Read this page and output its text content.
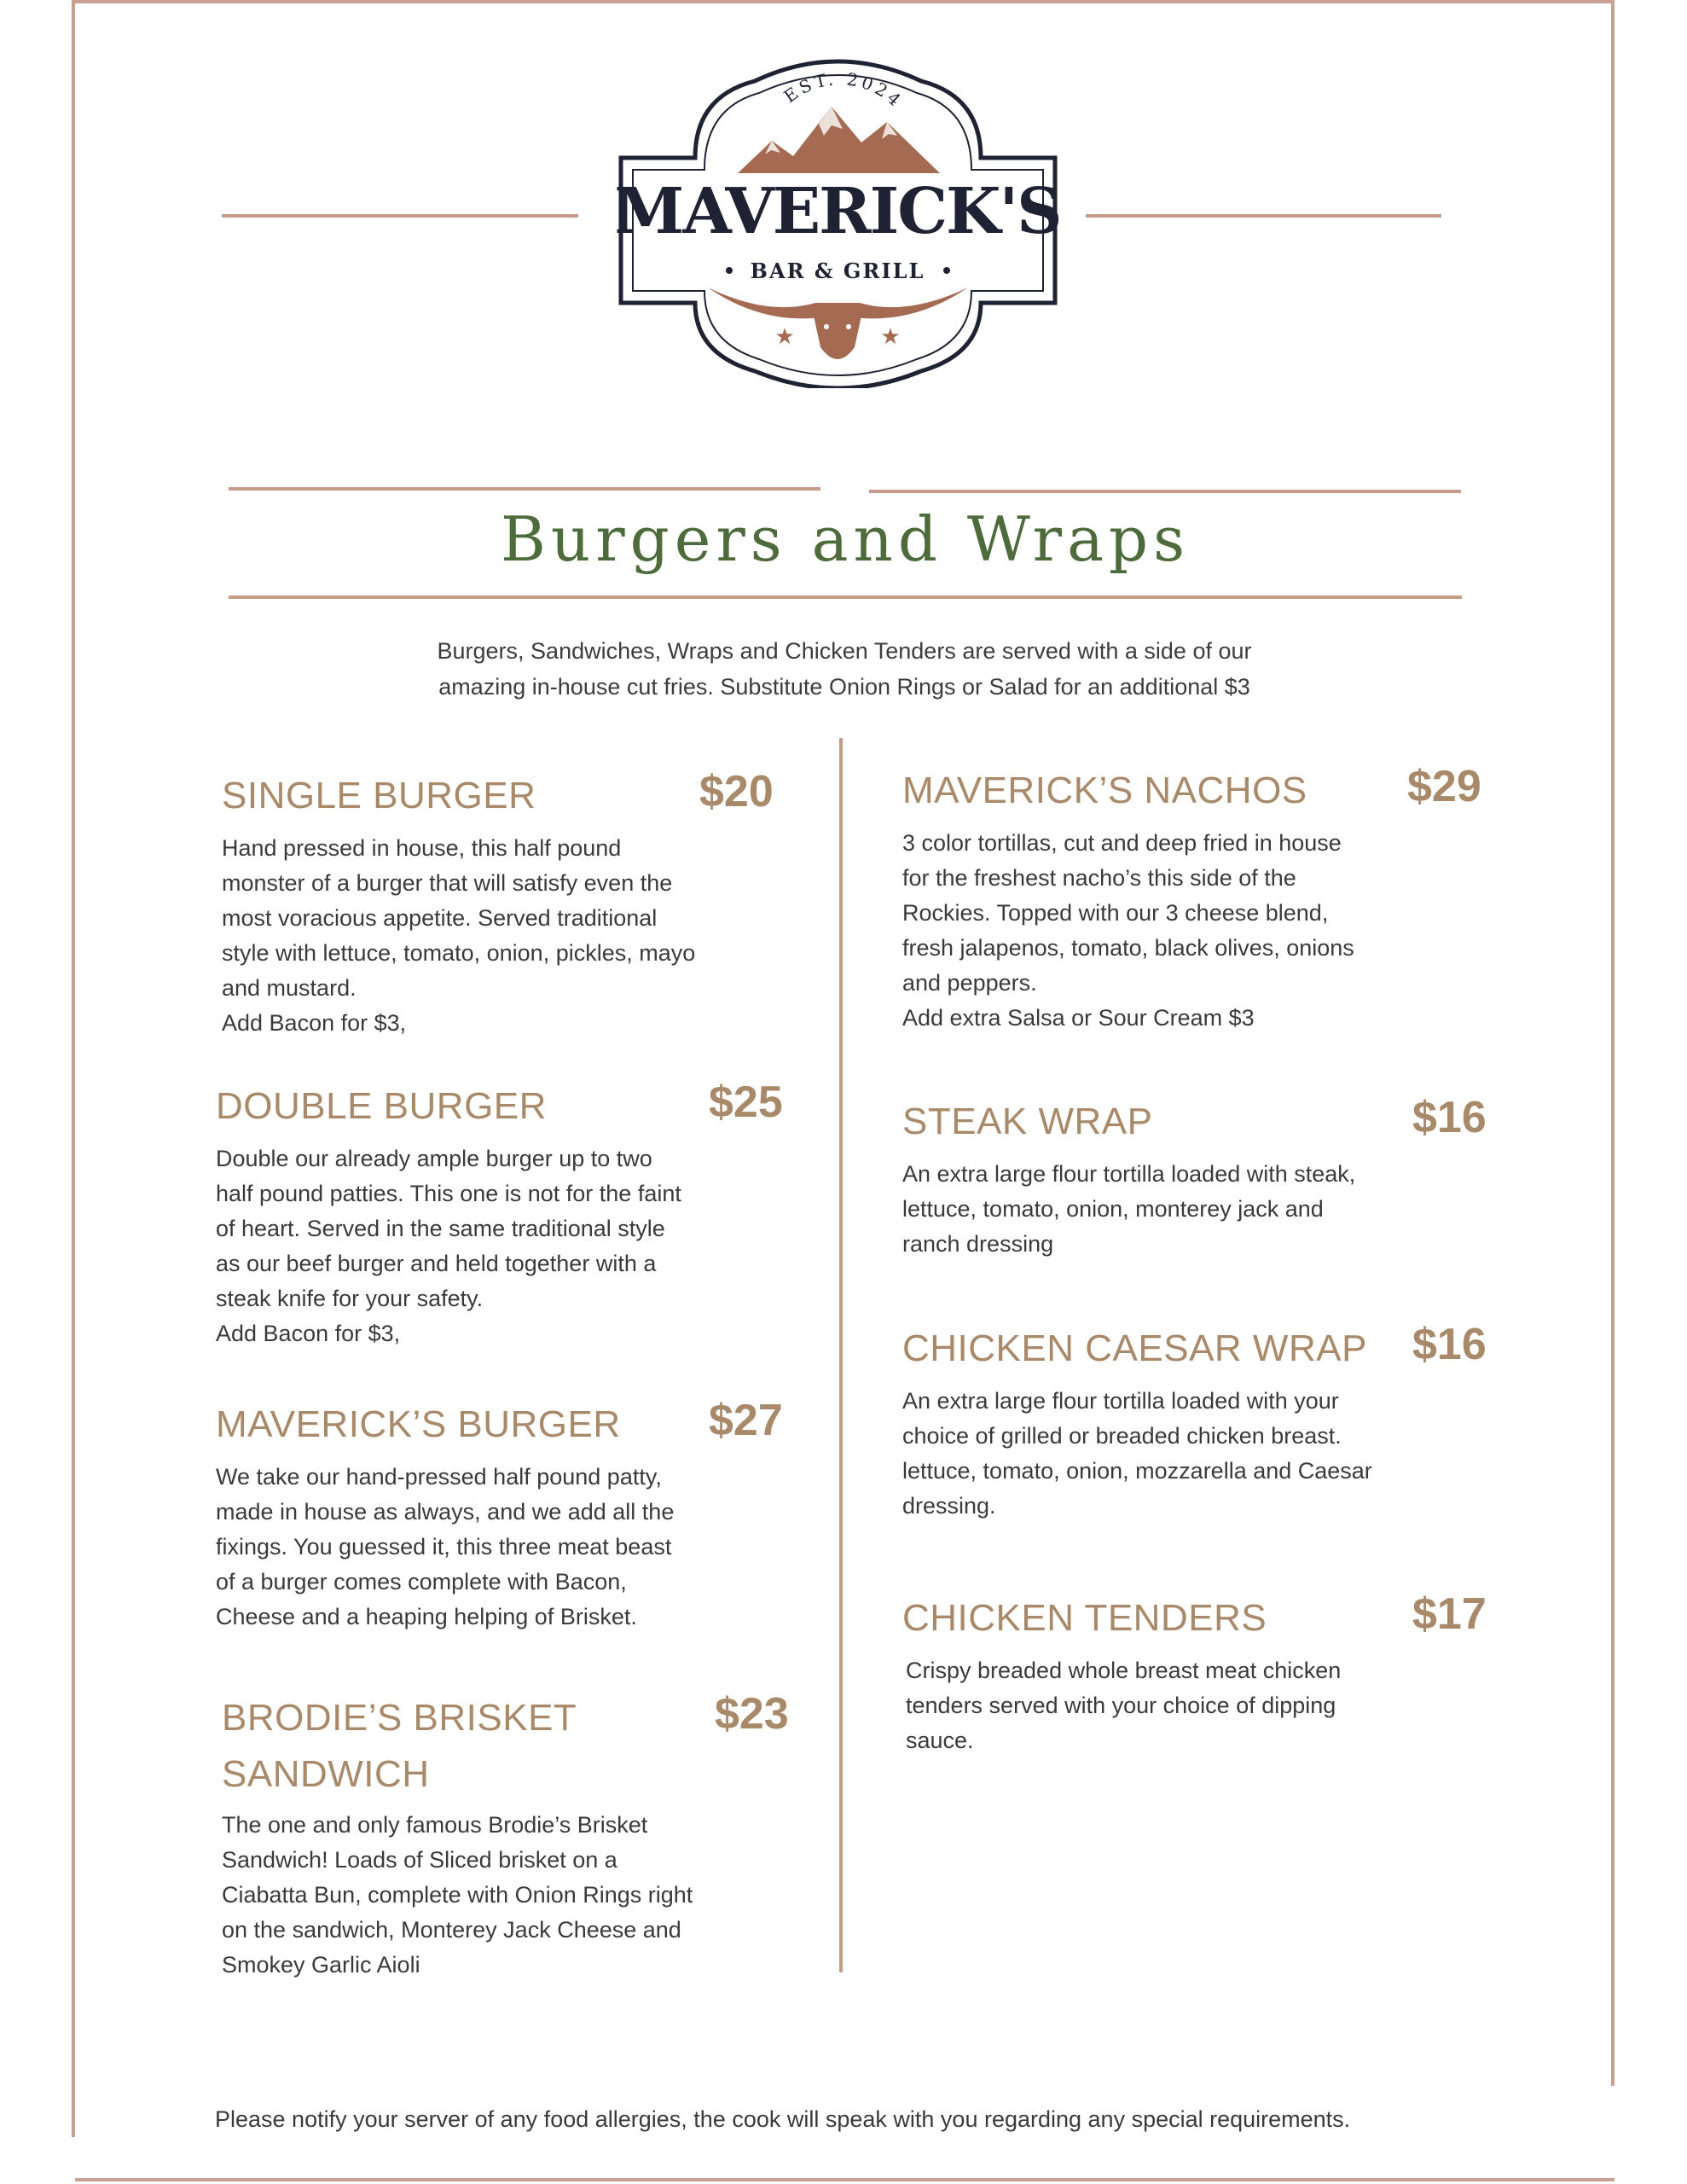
EST. 2024
MAVERICK'S
BAR & GRILL
★	★
Burgers and Wraps
Burgers, Sandwiches, Wraps and Chicken Tenders are served with a side of our
amazing in-house cut fries. Substitute Onion Rings or Salad for an additional $3
SINGLE BURGER	$20
Hand pressed in house, this half pound
monster of a burger that will satisfy even the
most voracious appetite. Served traditional
style with lettuce, tomato, onion, pickles, mayo
and mustard.
Add Bacon for $3,
DOUBLE BURGER	$25
Double our already ample burger up to two
half pound patties. This one is not for the faint
of heart. Served in the same traditional style
as our beef burger and held together with a
steak knife for your safety.
Add Bacon for $3,
MAVERICK’S BURGER $27
We take our hand-pressed half pound patty,
made in house as always, and we add all the
fixings. You guessed it, this three meat beast
of a burger comes complete with Bacon,
Cheese and a heaping helping of Brisket.
BRODIE’S BRISKET
SANDWICH
$23
The one and only famous Brodie’s Brisket
Sandwich! Loads of Sliced brisket on a
Ciabatta Bun, complete with Onion Rings right
on the sandwich, Monterey Jack Cheese and
Smokey Garlic Aioli
MAVERICK’S NACHOS $29
3 color tortillas, cut and deep fried in house
for the freshest nacho’s this side of the
Rockies. Topped with our 3 cheese blend,
fresh jalapenos, tomato, black olives, onions
and peppers.
Add extra Salsa or Sour Cream $3
STEAK WRAP	$16
An extra large flour tortilla loaded with steak,
lettuce, tomato, onion, monterey jack and
ranch dressing
CHICKEN CAESAR WRAP $16
An extra large flour tortilla loaded with your
choice of grilled or breaded chicken breast.
lettuce, tomato, onion, mozzarella and Caesar
dressing.
CHICKEN TENDERS	$17
Crispy breaded whole breast meat chicken
tenders served with your choice of dipping
sauce.
Please notify your server of any food allergies, the cook will speak with you regarding any special requirements.
